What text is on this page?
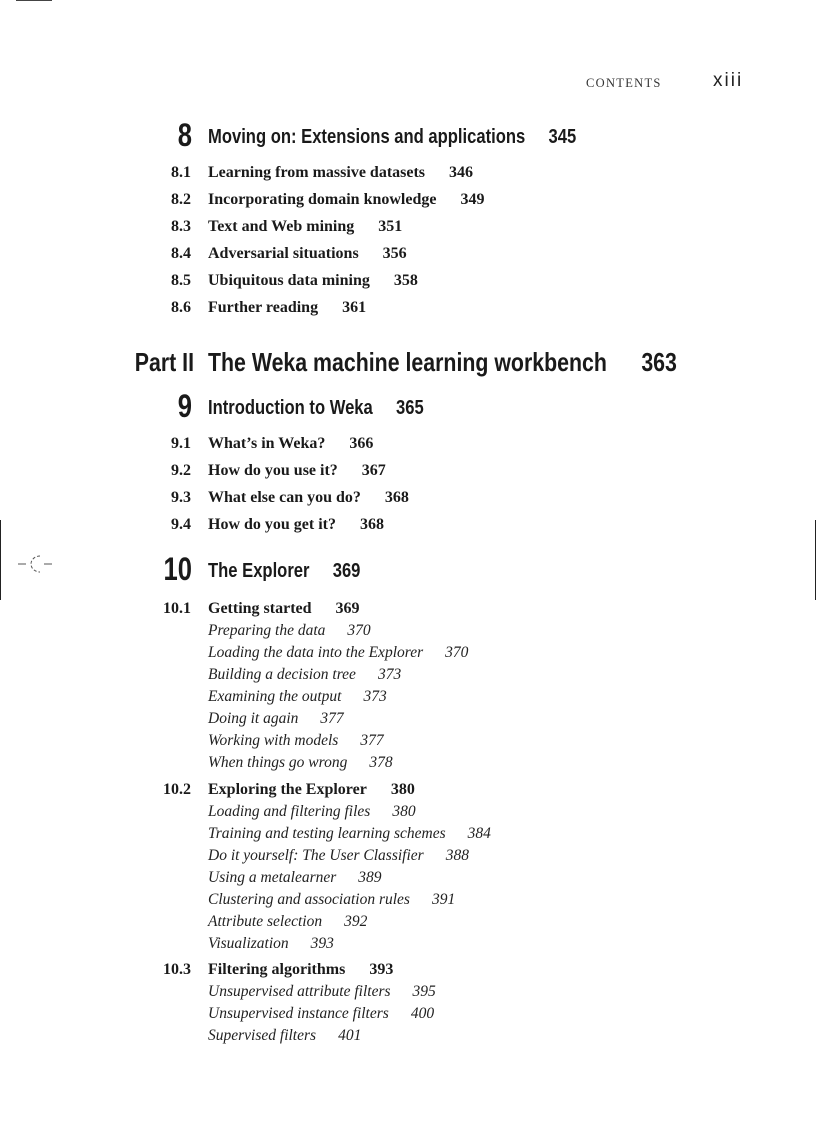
CONTENTS	xiii
8 Moving on: Extensions and applications 345
8.1 Learning from massive datasets 346
8.2 Incorporating domain knowledge 349
8.3 Text and Web mining 351
8.4 Adversarial situations 356
8.5 Ubiquitous data mining 358
8.6 Further reading 361
Part II The Weka machine learning workbench 363
9 Introduction to Weka 365
9.1 What’s in Weka? 366
9.2 How do you use it? 367
9.3 What else can you do? 368
9.4 How do you get it? 368
10 The Explorer 369
10.1 Getting started 369
Preparing the data 370
Loading the data into the Explorer 370
Building a decision tree 373
Examining the output 373
Doing it again 377
Working with models 377
When things go wrong 378
10.2 Exploring the Explorer 380
Loading and filtering files 380
Training and testing learning schemes 384
Do it yourself: The User Classifier 388
Using a metalearner 389
Clustering and association rules 391
Attribute selection 392
Visualization 393
10.3 Filtering algorithms 393
Unsupervised attribute filters 395
Unsupervised instance filters 400
Supervised filters 401
